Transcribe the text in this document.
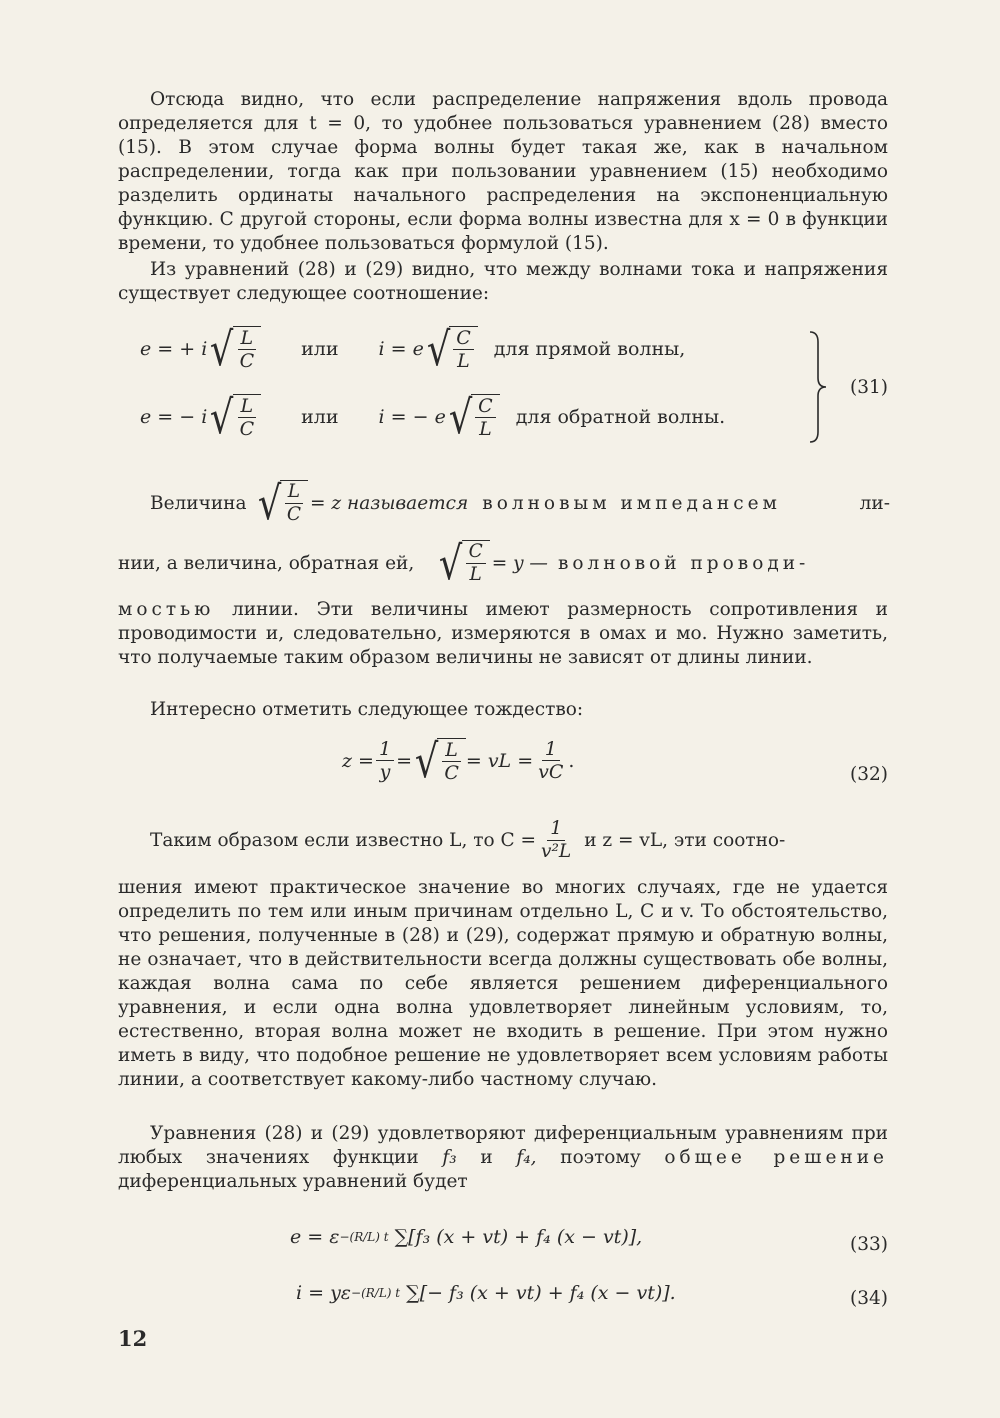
Отсюда видно, что если распределение напряжения вдоль провода определяется для t = 0, то удобнее пользоваться уравнением (28) вместо (15). В этом случае форма волны будет такая же, как в начальном распределении, тогда как при пользовании уравнением (15) необходимо разделить ординаты начального распределения на экспоненциальную функцию. С другой стороны, если форма волны известна для x = 0 в функции времени, то удобнее пользоваться формулой (15).

Из уравнений (28) и (29) видно, что между волнами тока и напряжения существует следующее соотношение:

e = + i √ $\frac{L}{C}$ или i = e √ $\frac{C}{L}$ для прямой волны,
e = − i √ $\frac{L}{C}$ или i = − e √ $\frac{C}{L}$ для обратной волны.
(31)
Величина √ $\frac{L}{C} = z$ называется волновым импедансем	ли-
нии, а величина, обратная ей, √ $\frac{C}{L} = y$ — волновой проводи-

мостью линии. Эти величины имеют размерность сопротивления и проводимости и, следовательно, измеряются в омах и мо. Нужно заметить, что получаемые таким образом величины не зависят от длины линии.

Интересно отметить следующее тождество:

$z = \frac{1}{y}$ = √ $\frac{L}{C}$ = vL = $\frac{1}{vC}$ .
(32)
Таким образом если известно L, то $C = \frac{1}{\text{v²L}}$ и z = vL, эти соотно-

шения имеют практическое значение во многих случаях, где не удается определить по тем или иным причинам отдельно L, C и v. То обстоятельство, что решения, полученные в (28) и (29), содержат прямую и обратную волны, не означает, что в действительности всегда должны существовать обе волны, каждая волна сама по себе является решением диференциального уравнения, и если одна волна удовлетворяет линейным условиям, то, естественно, вторая волна может не входить в решение. При этом нужно иметь в виду, что подобное решение не удовлетворяет всем условиям работы линии, а соответствует какому-либо частному случаю.

Уравнения (28) и (29) удовлетворяют диференциальным уравнениям при любых значениях функции f₃ и f₄, поэтому общее решение диференциальных уравнений будет
e = ε −(R/L) t ∑[f₃ (x + vt) + f₄ (x − vt)],	(33)
i = yε −(R/L) t ∑[− f₃ (x + vt) + f₄ (x − vt)].	(34)
12
